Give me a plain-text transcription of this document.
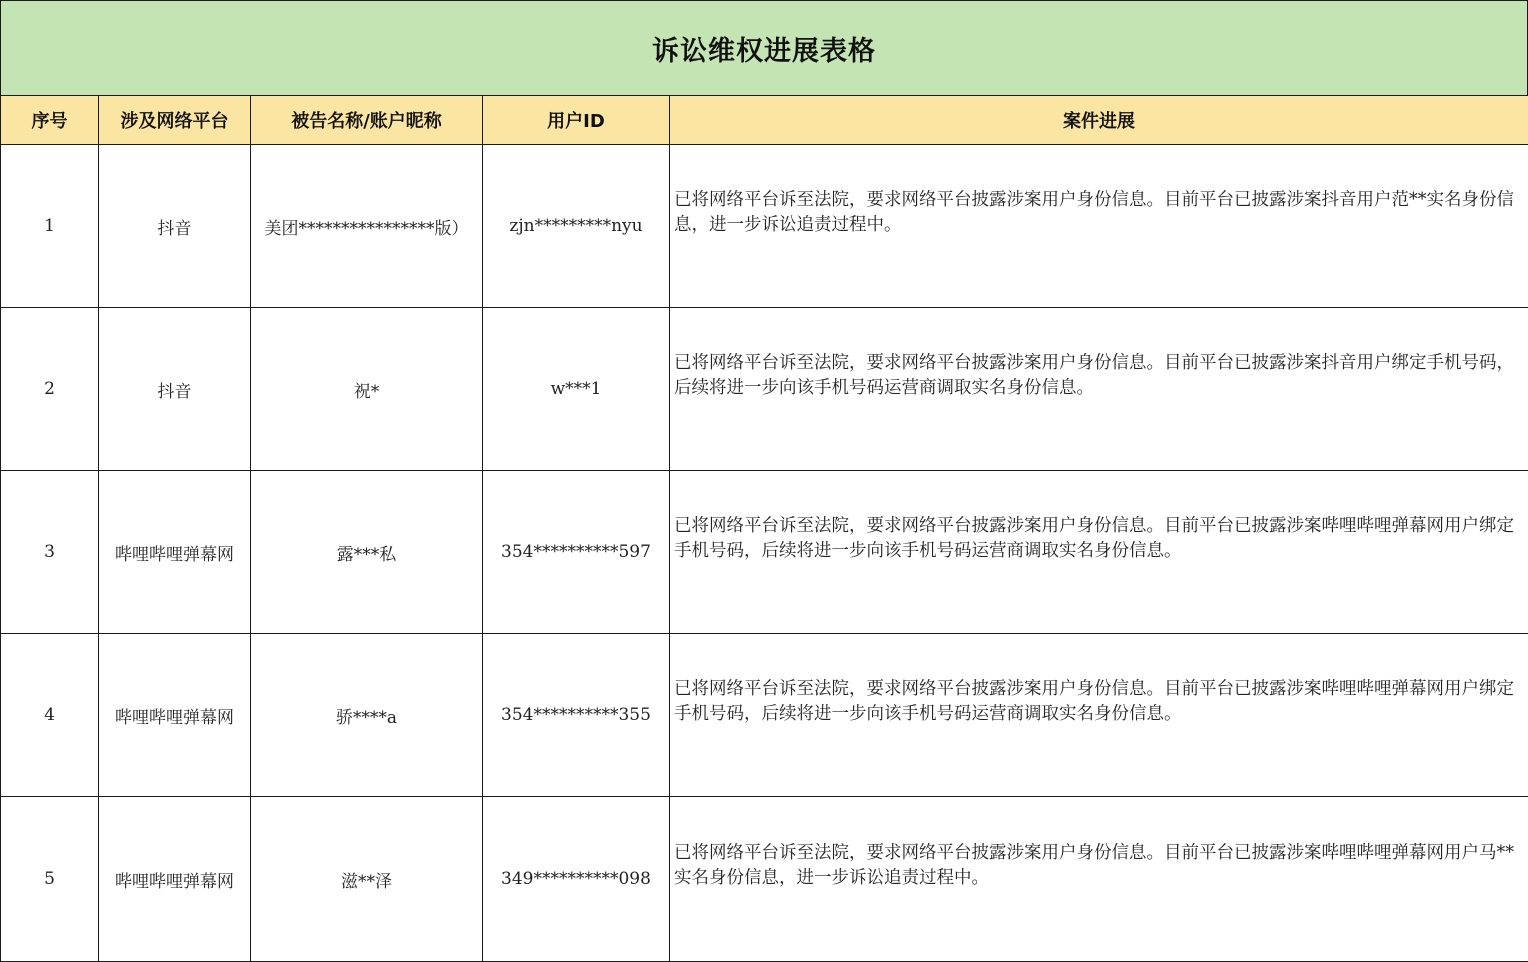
诉讼维权进展表格
序号	涉及网络平台	被告名称/账户昵称	用户ID	案件进展
1	抖音	美团****************版）	zjn*********nyu	已将网络平台诉至法院，要求网络平台披露涉案用户身份信息。目前平台已披露涉案抖音用户范**实名身份信息，进一步诉讼追责过程中。

2	抖音	祝*	w***1	已将网络平台诉至法院，要求网络平台披露涉案用户身份信息。目前平台已披露涉案抖音用户绑定手机号码，后续将进一步向该手机号码运营商调取实名身份信息。

3	哔哩哔哩弹幕网	露***私	354**********597	已将网络平台诉至法院，要求网络平台披露涉案用户身份信息。目前平台已披露涉案哔哩哔哩弹幕网用户绑定手机号码，后续将进一步向该手机号码运营商调取实名身份信息。

4	哔哩哔哩弹幕网	骄****a	354**********355	已将网络平台诉至法院，要求网络平台披露涉案用户身份信息。目前平台已披露涉案哔哩哔哩弹幕网用户绑定手机号码，后续将进一步向该手机号码运营商调取实名身份信息。

5	哔哩哔哩弹幕网	滋**泽	349**********098	已将网络平台诉至法院，要求网络平台披露涉案用户身份信息。目前平台已披露涉案哔哩哔哩弹幕网用户马**实名身份信息，进一步诉讼追责过程中。
